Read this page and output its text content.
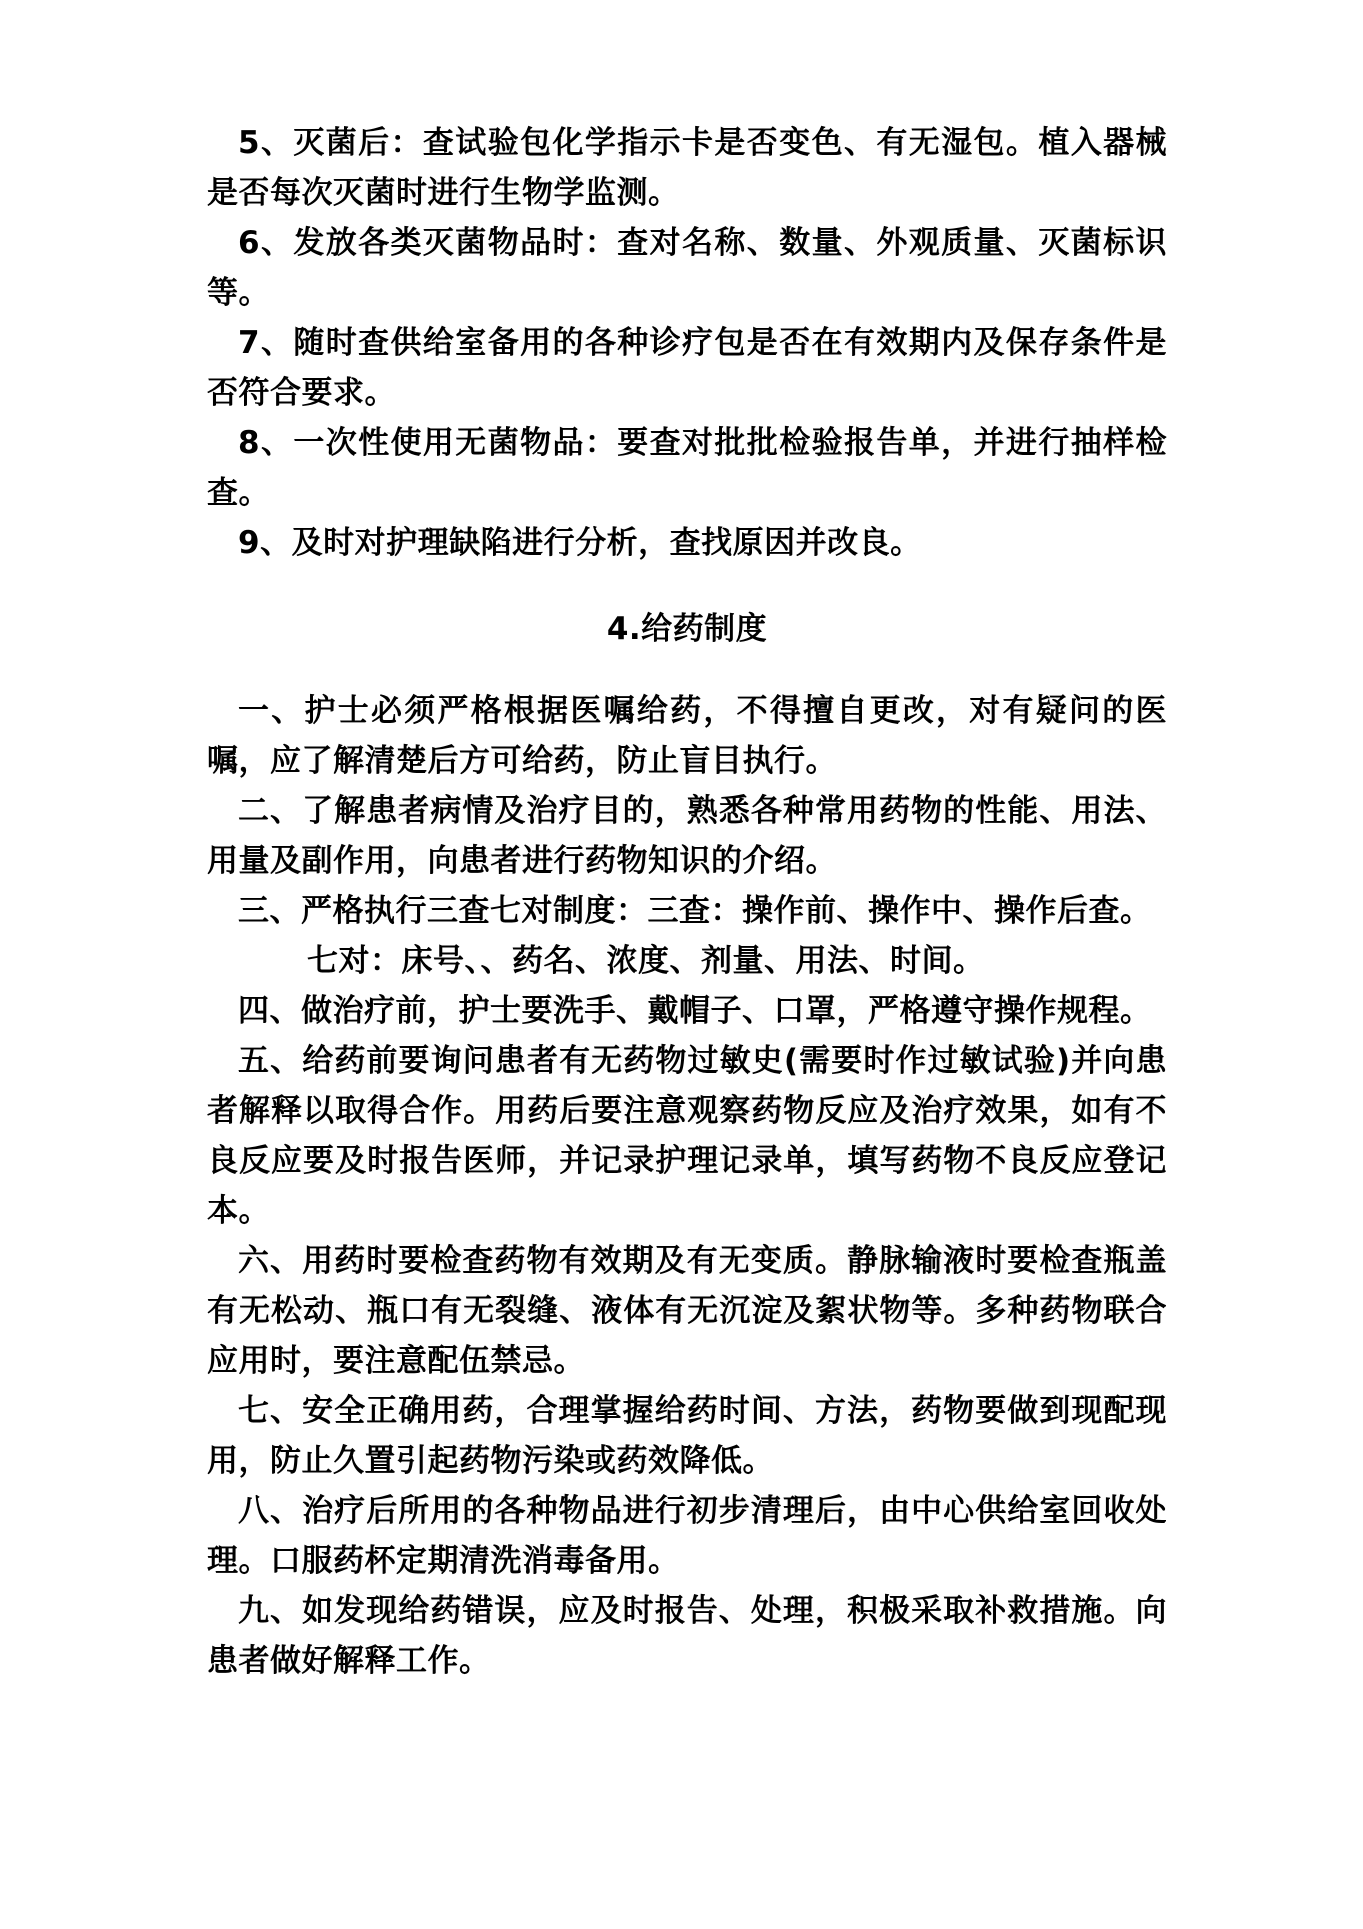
5、灭菌后：查试验包化学指示卡是否变色、有无湿包。植入器械是否每次灭菌时进行生物学监测。

6、发放各类灭菌物品时：查对名称、数量、外观质量、灭菌标识等。

7、随时查供给室备用的各种诊疗包是否在有效期内及保存条件是否符合要求。

8、一次性使用无菌物品：要查对批批检验报告单，并进行抽样检查。

9、及时对护理缺陷进行分析，查找原因并改良。

4.给药制度

一、护士必须严格根据医嘱给药，不得擅自更改，对有疑问的医嘱，应了解清楚后方可给药，防止盲目执行。

二、了解患者病情及治疗目的，熟悉各种常用药物的性能、用法、用量及副作用，向患者进行药物知识的介绍。

三、严格执行三查七对制度：三查：操作前、操作中、操作后查。

七对：床号、、药名、浓度、剂量、用法、时间。

四、做治疗前，护士要洗手、戴帽子、口罩，严格遵守操作规程。

五、给药前要询问患者有无药物过敏史(需要时作过敏试验)并向患者解释以取得合作。用药后要注意观察药物反应及治疗效果，如有不良反应要及时报告医师，并记录护理记录单，填写药物不良反应登记本。

六、用药时要检查药物有效期及有无变质。静脉输液时要检查瓶盖有无松动、瓶口有无裂缝、液体有无沉淀及絮状物等。多种药物联合应用时，要注意配伍禁忌。

七、安全正确用药，合理掌握给药时间、方法，药物要做到现配现用，防止久置引起药物污染或药效降低。

八、治疗后所用的各种物品进行初步清理后，由中心供给室回收处理。口服药杯定期清洗消毒备用。

九、如发现给药错误，应及时报告、处理，积极采取补救措施。向患者做好解释工作。
